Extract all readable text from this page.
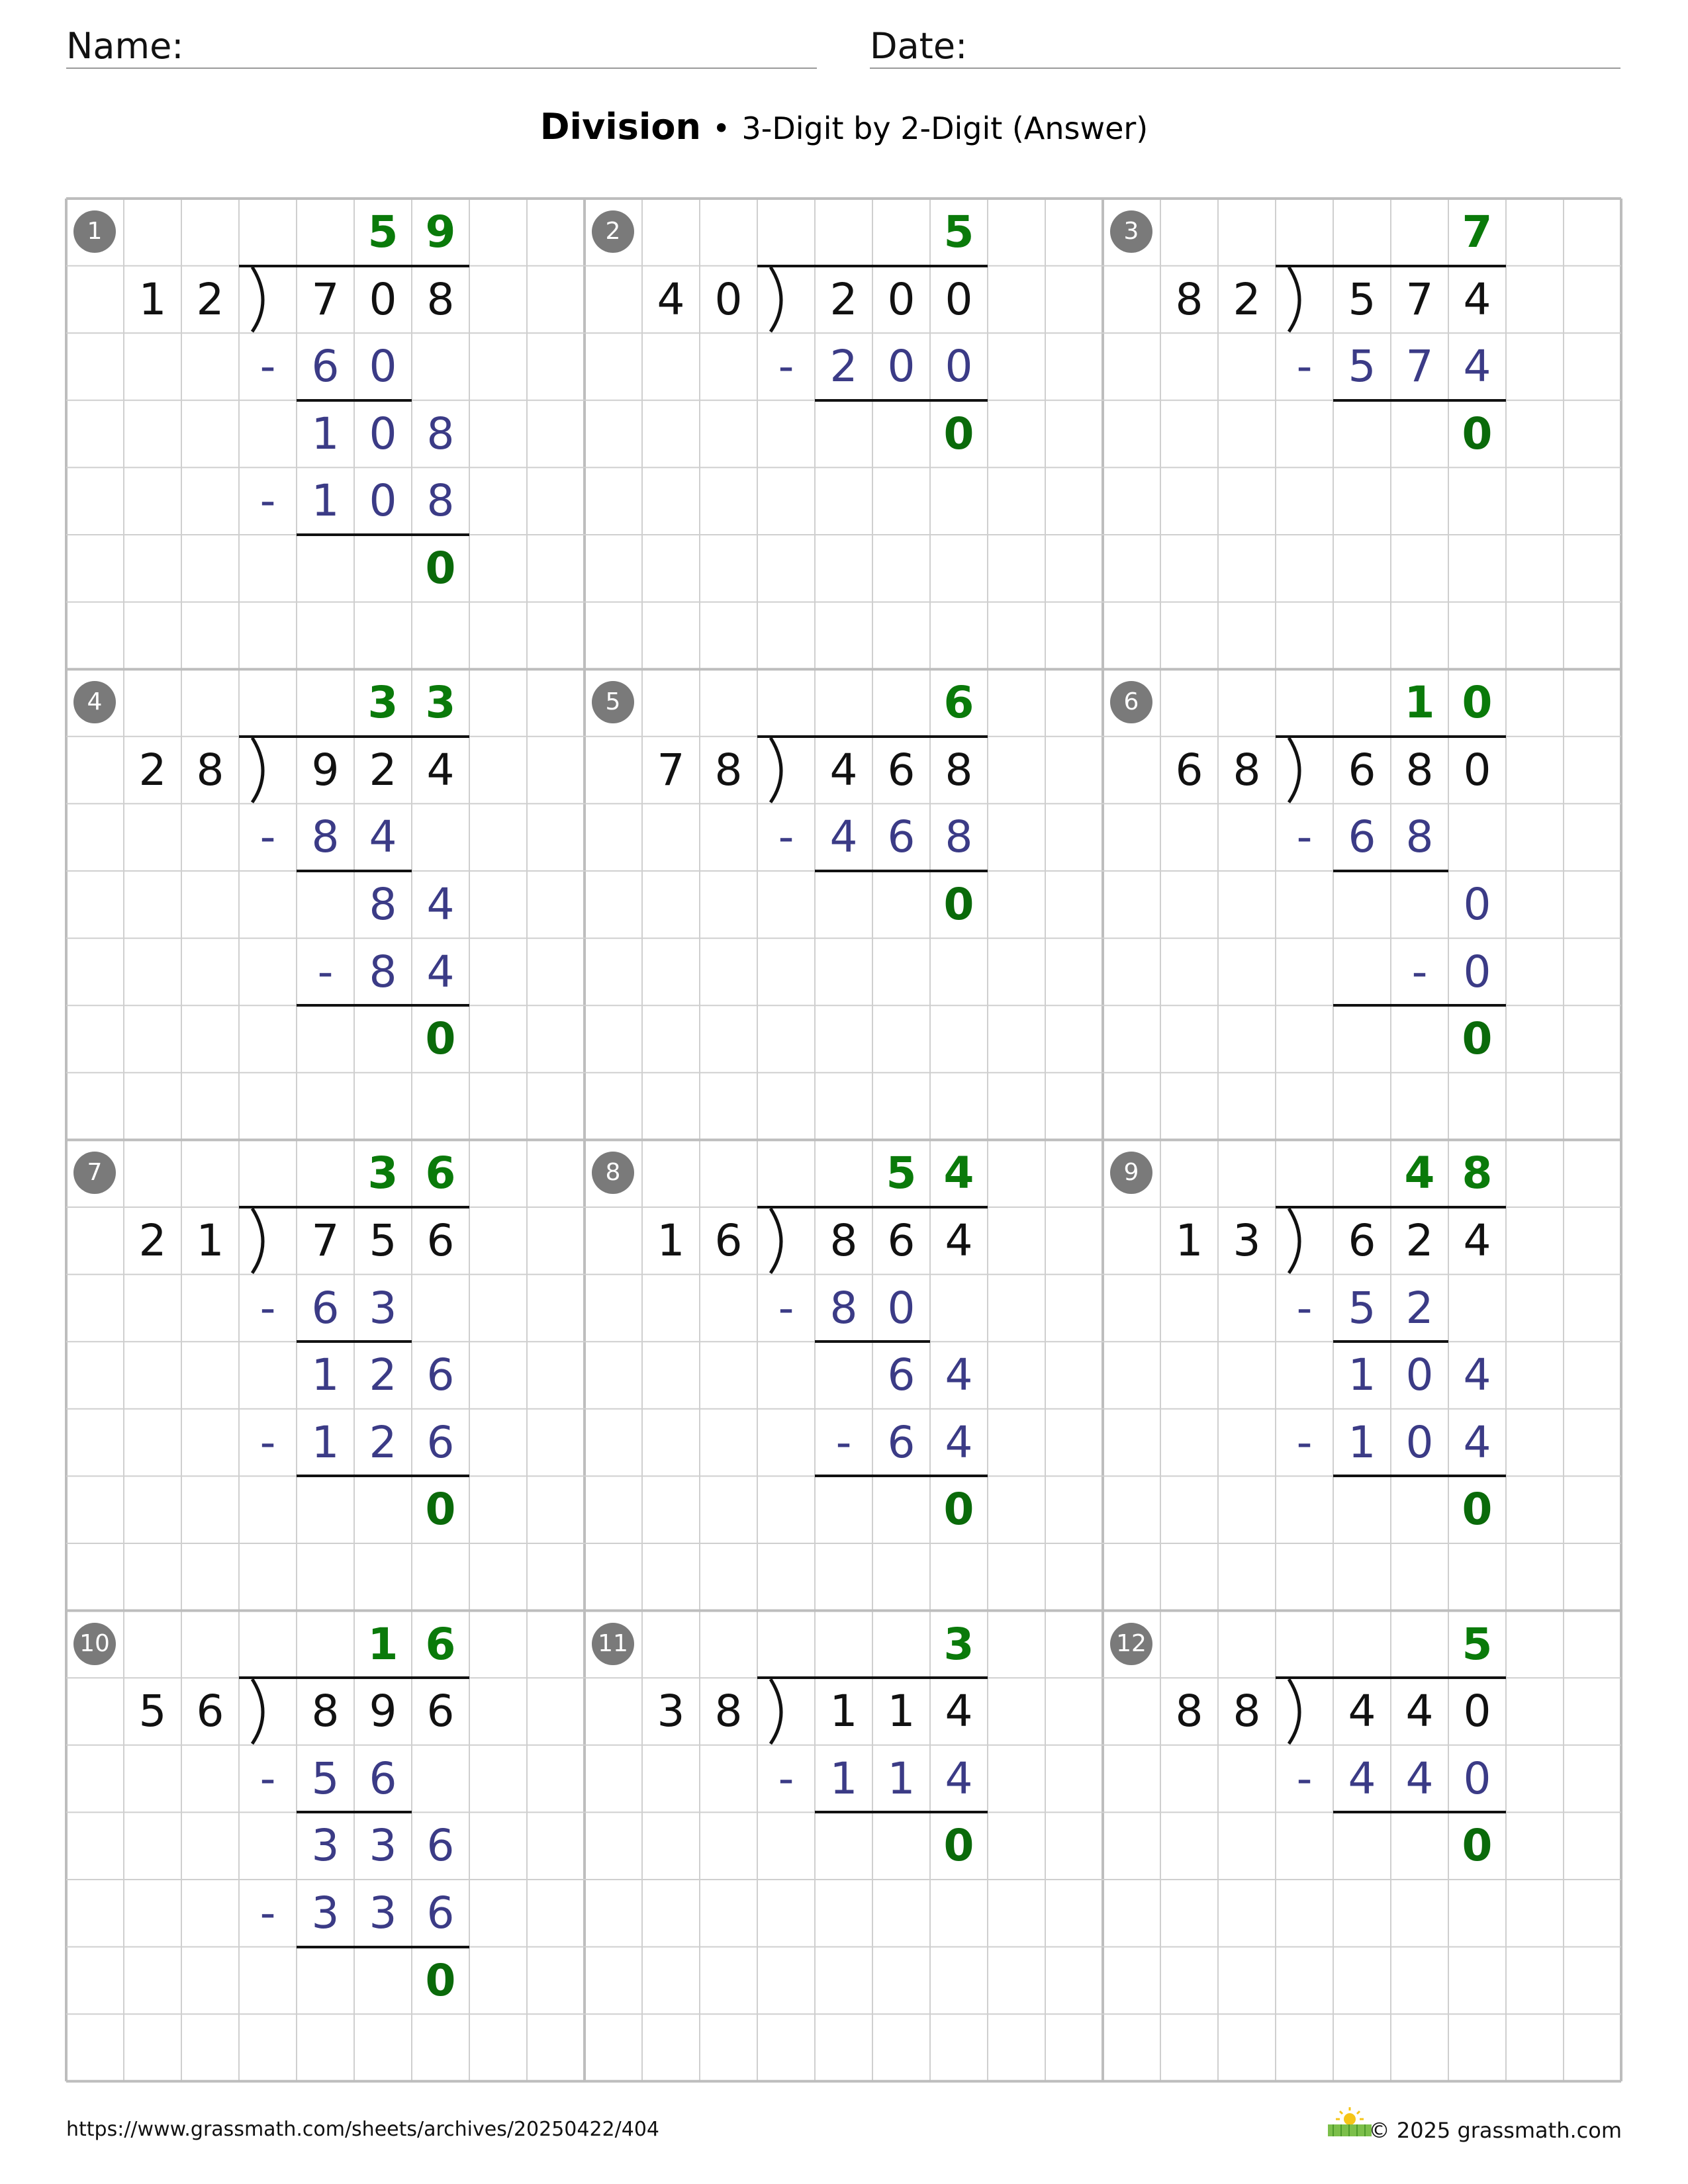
Name:	Date:
Division • 3-Digit by 2-Digit (Answer)
1
1 2	7 0 8
5 9
- 6 0
1 0 8
- 1 0 8
0
2
4 0	2 0 0
5
- 2 0 0
0
3
8 2	5 7 4
7
- 5 7 4
0
4
2 8	9 2 4
3 3
- 8 4
8 4
- 8 4
0
5
7 8	4 6 8
6
- 4 6 8
0
6
6 8	6 8 0
1 0
- 6 8
0
- 0
0
7
2 1	7 5 6
3 6
- 6 3
1 2 6
- 1 2 6
0
8
1 6	8 6 4
5 4
- 8 0
6 4
- 6 4
0
9
1 3	6 2 4
4 8
- 5 2
1 0 4
- 1 0 4
0
10
5 6	8 9 6
1 6
- 5 6
3 3 6
- 3 3 6
0
11
3 8	1 1 4
3
- 1 1 4
0
12
8 8	4 4 0
5
- 4 4 0
0
https://www.grassmath.com/sheets/archives/20250422/404	© 2025 grassmath.com
